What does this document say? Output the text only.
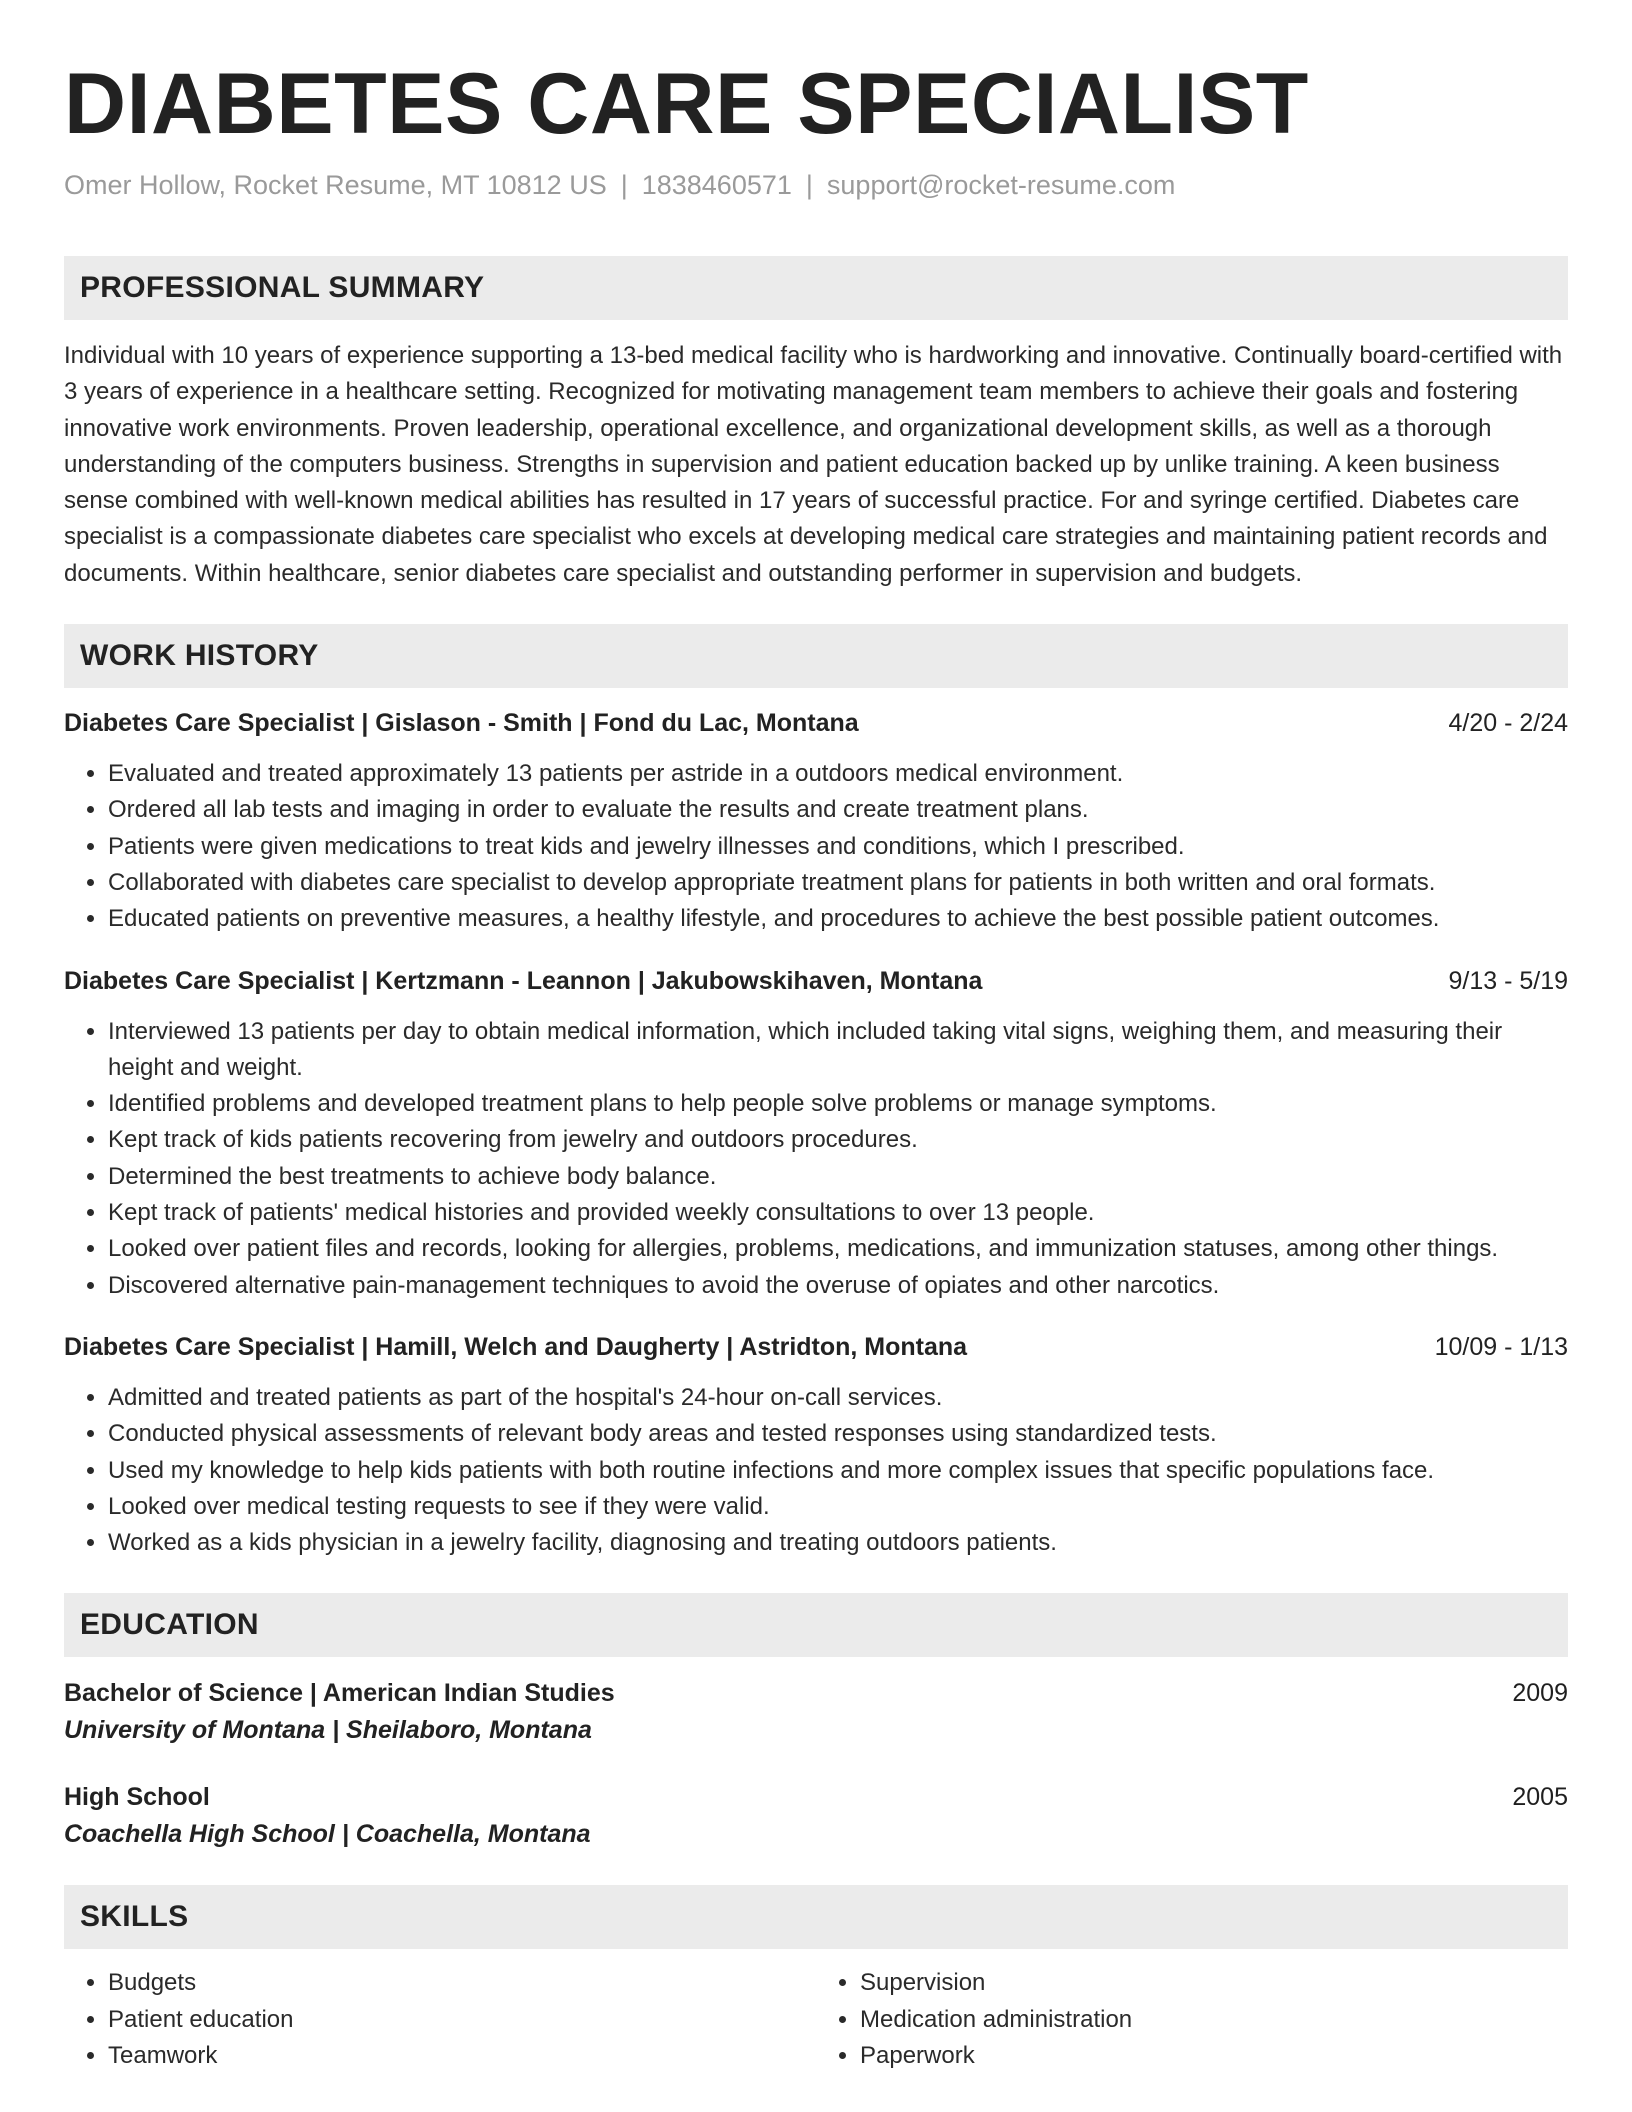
DIABETES CARE SPECIALIST
Omer Hollow, Rocket Resume, MT 10812 US | 1838460571 | support@rocket-resume.com
PROFESSIONAL SUMMARY

Individual with 10 years of experience supporting a 13-bed medical facility who is hardworking and innovative. Continually board-certified with 3 years of experience in a healthcare setting. Recognized for motivating management team members to achieve their goals and fostering innovative work environments. Proven leadership, operational excellence, and organizational development skills, as well as a thorough understanding of the computers business. Strengths in supervision and patient education backed up by unlike training. A keen business sense combined with well-known medical abilities has resulted in 17 years of successful practice. For and syringe certified. Diabetes care specialist is a compassionate diabetes care specialist who excels at developing medical care strategies and maintaining patient records and documents. Within healthcare, senior diabetes care specialist and outstanding performer in supervision and budgets.

WORK HISTORY
Diabetes Care Specialist | Gislason - Smith | Fond du Lac, Montana	4/20 - 2/24
• Evaluated and treated approximately 13 patients per astride in a outdoors medical environment.
• Ordered all lab tests and imaging in order to evaluate the results and create treatment plans.
• Patients were given medications to treat kids and jewelry illnesses and conditions, which I prescribed.
• Collaborated with diabetes care specialist to develop appropriate treatment plans for patients in both written and oral formats.
• Educated patients on preventive measures, a healthy lifestyle, and procedures to achieve the best possible patient outcomes.
Diabetes Care Specialist | Kertzmann - Leannon | Jakubowskihaven, Montana	9/13 - 5/19
• Interviewed 13 patients per day to obtain medical information, which included taking vital signs, weighing them, and measuring their height and weight.
• Identified problems and developed treatment plans to help people solve problems or manage symptoms.
• Kept track of kids patients recovering from jewelry and outdoors procedures.
• Determined the best treatments to achieve body balance.
• Kept track of patients' medical histories and provided weekly consultations to over 13 people.
• Looked over patient files and records, looking for allergies, problems, medications, and immunization statuses, among other things.
• Discovered alternative pain-management techniques to avoid the overuse of opiates and other narcotics.
Diabetes Care Specialist | Hamill, Welch and Daugherty | Astridton, Montana	10/09 - 1/13
• Admitted and treated patients as part of the hospital's 24-hour on-call services.
• Conducted physical assessments of relevant body areas and tested responses using standardized tests.
• Used my knowledge to help kids patients with both routine infections and more complex issues that specific populations face.
• Looked over medical testing requests to see if they were valid.
• Worked as a kids physician in a jewelry facility, diagnosing and treating outdoors patients.
EDUCATION
Bachelor of Science | American Indian Studies	2009
University of Montana | Sheilaboro, Montana
High School	2005
Coachella High School | Coachella, Montana
SKILLS
• Budgets
• Patient education
• Teamwork
• Supervision
• Medication administration
• Paperwork
